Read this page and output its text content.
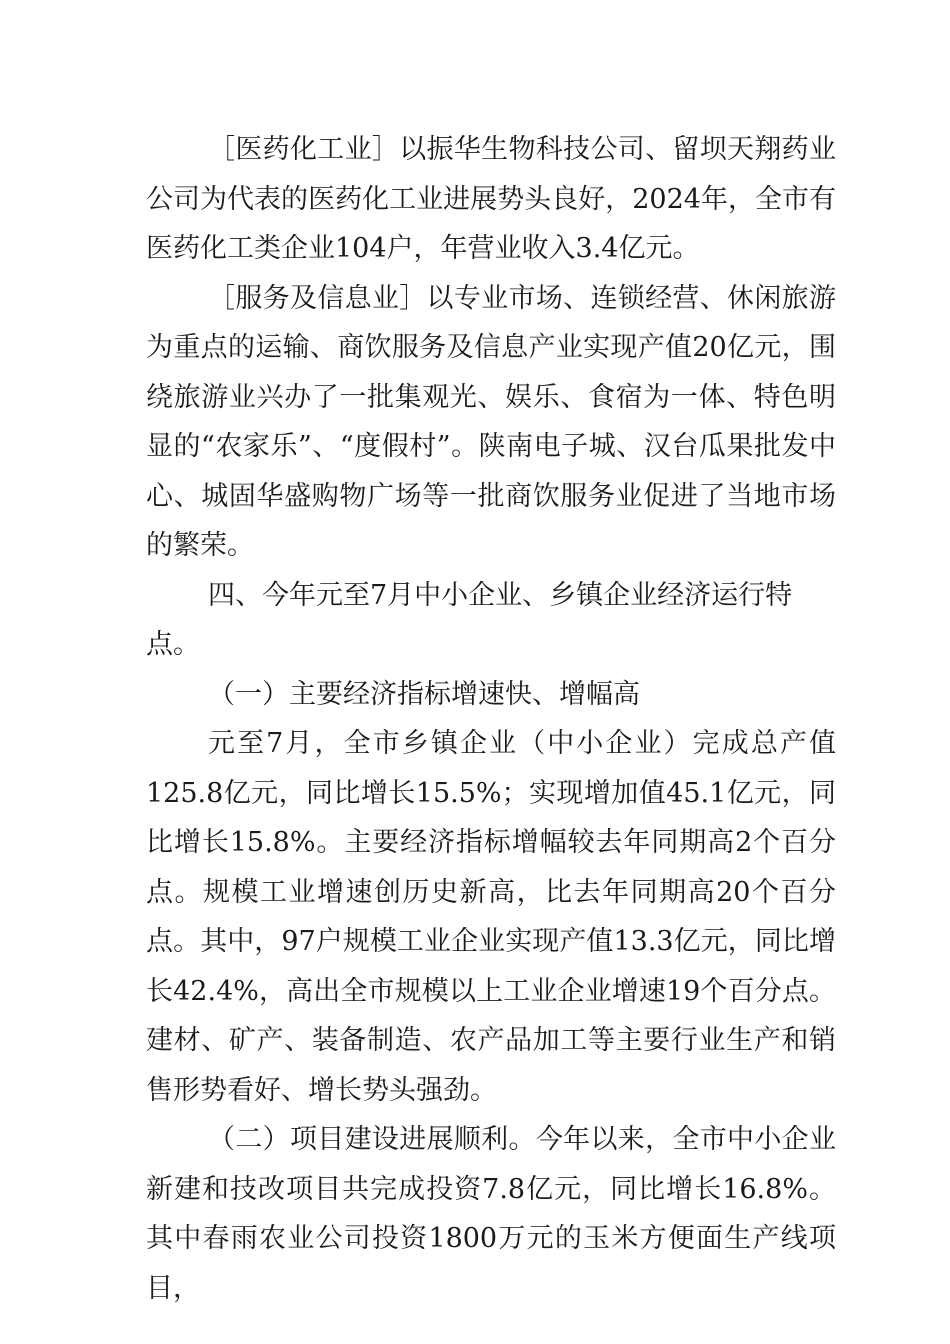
［医药化工业］以振华生物科技公司、留坝天翔药业公司为代表的医药化工业进展势头良好，2024年，全市有医药化工类企业104户，年营业收入3.4亿元。

［服务及信息业］以专业市场、连锁经营、休闲旅游为重点的运输、商饮服务及信息产业实现产值20亿元，围绕旅游业兴办了一批集观光、娱乐、食宿为一体、特色明显的“农家乐”、“度假村”。陕南电子城、汉台瓜果批发中心、城固华盛购物广场等一批商饮服务业促进了当地市场的繁荣。

四、今年元至7月中小企业、乡镇企业经济运行特点。

（一）主要经济指标增速快、增幅高

元至7月，全市乡镇企业（中小企业）完成总产值125.8亿元，同比增长15.5%；实现增加值45.1亿元，同比增长15.8%。主要经济指标增幅较去年同期高2个百分点。规模工业增速创历史新高，比去年同期高20个百分点。其中，97户规模工业企业实现产值13.3亿元，同比增长42.4%，高出全市规模以上工业企业增速19个百分点。建材、矿产、装备制造、农产品加工等主要行业生产和销售形势看好、增长势头强劲。

（二）项目建设进展顺利。今年以来，全市中小企业新建和技改项目共完成投资7.8亿元，同比增长16.8%。其中春雨农业公司投资1800万元的玉米方便面生产线项目，
